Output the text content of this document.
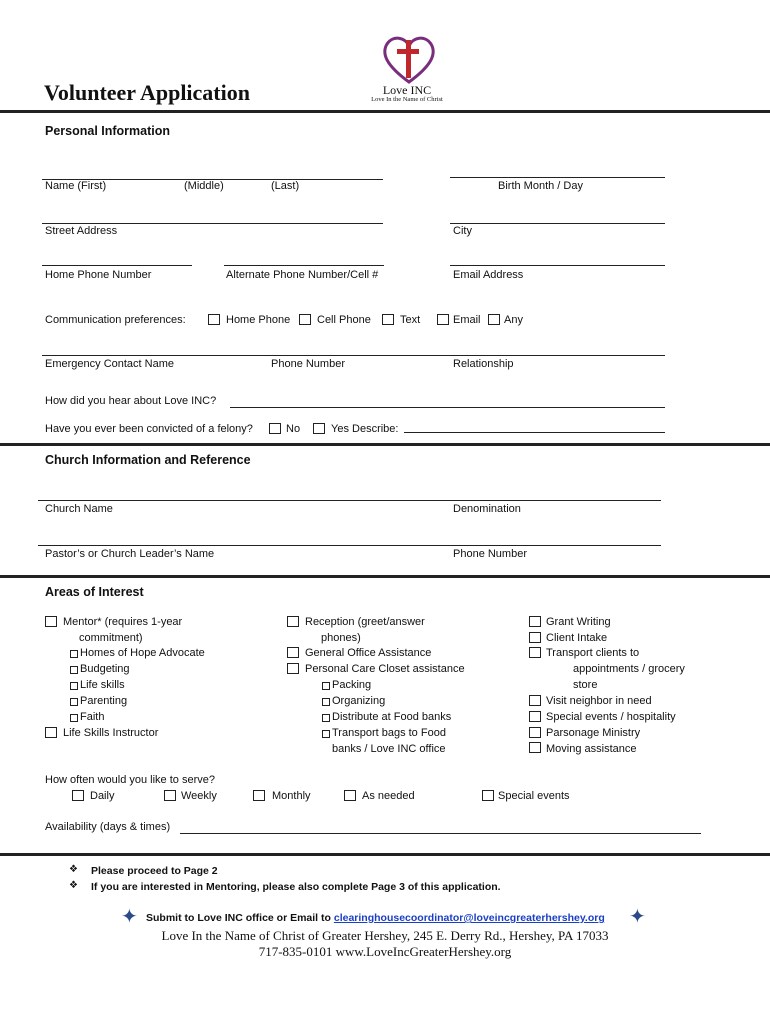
Love INC
Love In the Name of Christ
Volunteer Application
Personal Information
Name (First)	(Middle)	(Last)	Birth Month / Day
Street Address	City
Home Phone Number	Alternate Phone Number/Cell #	Email Address
Communication preferences:	Home Phone Cell Phone	Text	Email Any
Emergency Contact Name	Phone Number	Relationship
How did you hear about Love INC?
Have you ever been convicted of a felony?	No	Yes Describe:
Church Information and Reference
Church Name	Denomination
Pastor’s or Church Leader’s Name	Phone Number
Areas of Interest
Mentor* (requires 1-year
commitment)
Homes of Hope Advocate
Budgeting
Life skills
Parenting
Faith
Life Skills Instructor
Reception (greet/answer
phones)
General Office Assistance
Personal Care Closet assistance
Packing
Organizing
Distribute at Food banks
Transport bags to Food
banks / Love INC office
Grant Writing
Client Intake
Transport clients to
appointments / grocery
store
Visit neighbor in need
Special events / hospitality
Parsonage Ministry
Moving assistance
How often would you like to serve?
Daily	Weekly	Monthly	As needed	Special events
Availability (days & times)
❖ Please proceed to Page 2
❖ If you are interested in Mentoring, please also complete Page 3 of this application.
✦ Submit to Love INC office or Email to clearinghousecoordinator@loveincgreaterhershey.org ✦
Love In the Name of Christ of Greater Hershey, 245 E. Derry Rd., Hershey, PA 17033
717-835-0101 www.LoveIncGreaterHershey.org
